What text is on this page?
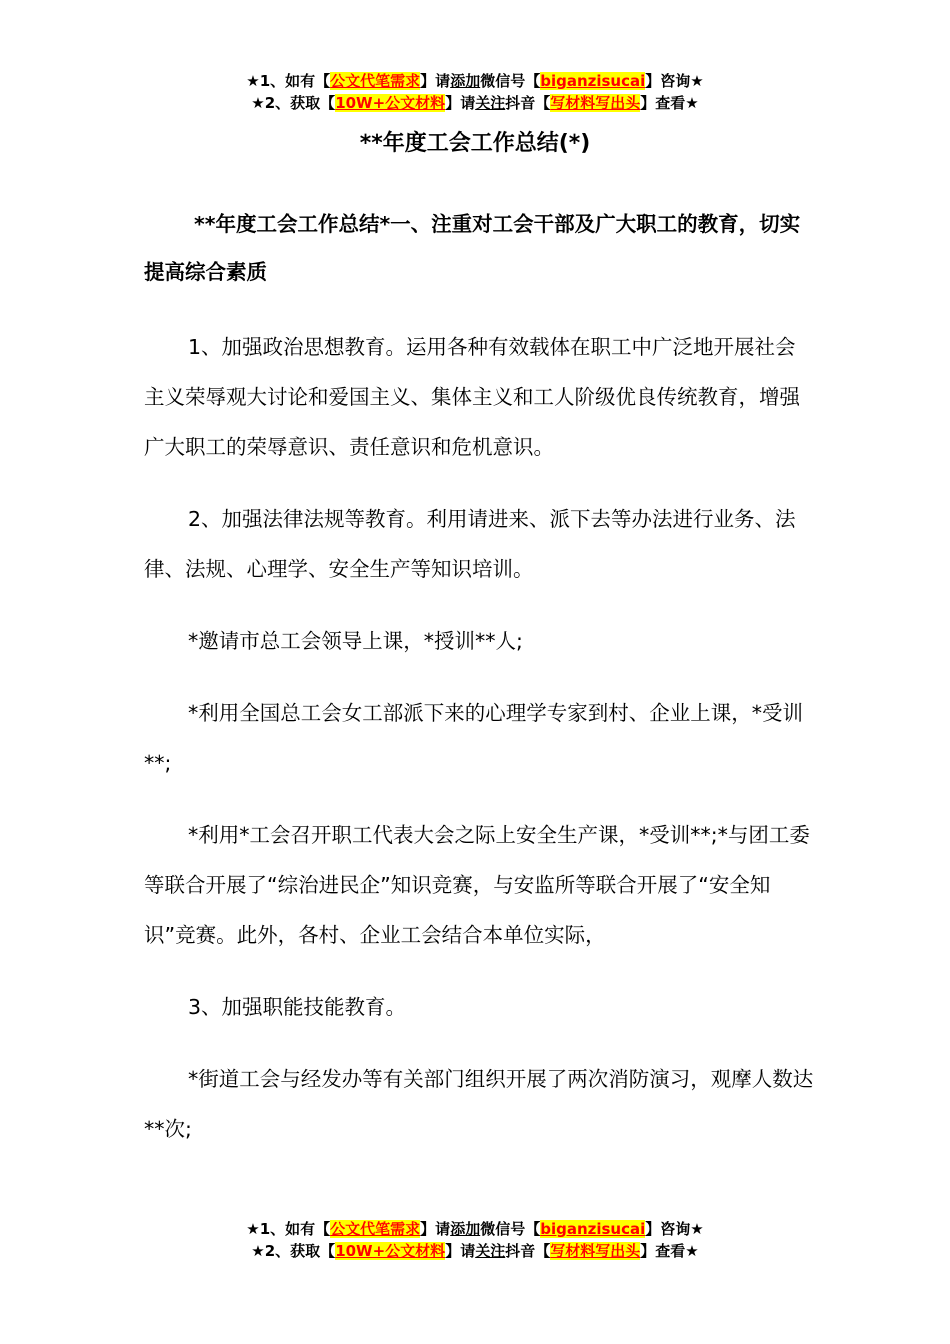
★1、如有【公文代笔需求】请添加微信号【biganzisucai】咨询★
★2、获取【10W+公文材料】请关注抖音【写材料写出头】查看★
**年度工会工作总结(*)

**年度工会工作总结*一、注重对工会干部及广大职工的教育，切实提高综合素质

1、加强政治思想教育。运用各种有效载体在职工中广泛地开展社会主义荣辱观大讨论和爱国主义、集体主义和工人阶级优良传统教育，增强广大职工的荣辱意识、责任意识和危机意识。

2、加强法律法规等教育。利用请进来、派下去等办法进行业务、法律、法规、心理学、安全生产等知识培训。

*邀请市总工会领导上课，*授训**人;

*利用全国总工会女工部派下来的心理学专家到村、企业上课，*受训**;

*利用*工会召开职工代表大会之际上安全生产课，*受训**;*与团工委等联合开展了“综治进民企”知识竞赛，与安监所等联合开展了“安全知识”竞赛。此外，各村、企业工会结合本单位实际，

3、加强职能技能教育。

*街道工会与经发办等有关部门组织开展了两次消防演习，观摩人数达**次;

★1、如有【公文代笔需求】请添加微信号【biganzisucai】咨询★
★2、获取【10W+公文材料】请关注抖音【写材料写出头】查看★
